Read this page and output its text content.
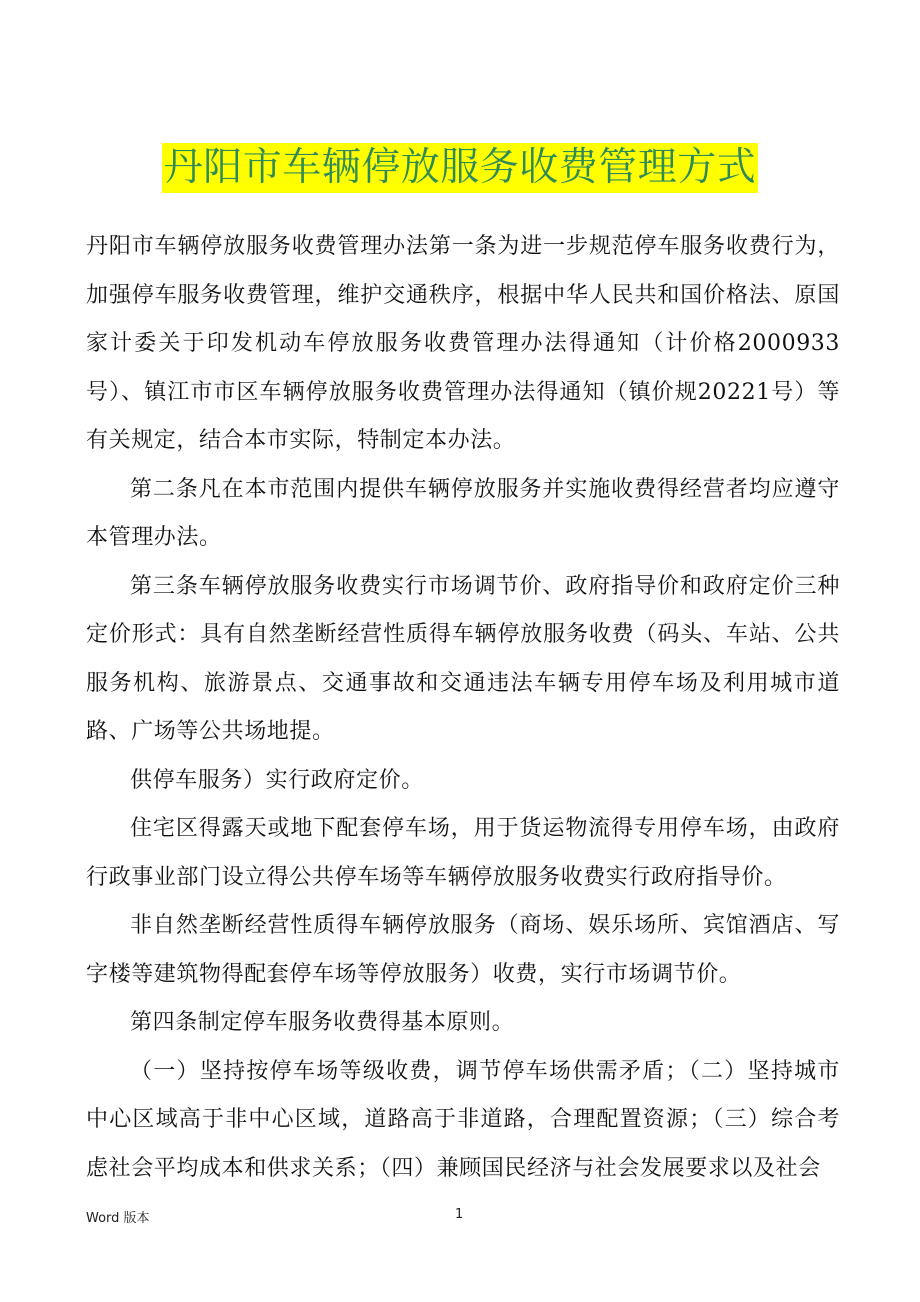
丹阳市车辆停放服务收费管理方式

丹阳市车辆停放服务收费管理办法第一条为进一步规范停车服务收费行为，加强停车服务收费管理，维护交通秩序，根据中华人民共和国价格法、原国家计委关于印发机动车停放服务收费管理办法得通知（计价格2000933号）、镇江市市区车辆停放服务收费管理办法得通知（镇价规20221号）等有关规定，结合本市实际，特制定本办法。

第二条凡在本市范围内提供车辆停放服务并实施收费得经营者均应遵守本管理办法。

第三条车辆停放服务收费实行市场调节价、政府指导价和政府定价三种定价形式：具有自然垄断经营性质得车辆停放服务收费（码头、车站、公共服务机构、旅游景点、交通事故和交通违法车辆专用停车场及利用城市道路、广场等公共场地提。

供停车服务）实行政府定价。

住宅区得露天或地下配套停车场，用于货运物流得专用停车场，由政府行政事业部门设立得公共停车场等车辆停放服务收费实行政府指导价。

非自然垄断经营性质得车辆停放服务（商场、娱乐场所、宾馆酒店、写字楼等建筑物得配套停车场等停放服务）收费，实行市场调节价。

第四条制定停车服务收费得基本原则。

（一）坚持按停车场等级收费，调节停车场供需矛盾；（二）坚持城市中心区域高于非中心区域，道路高于非道路，合理配置资源；（三）综合考虑社会平均成本和供求关系；（四）兼顾国民经济与社会发展要求以及社会

Word 版本	1
